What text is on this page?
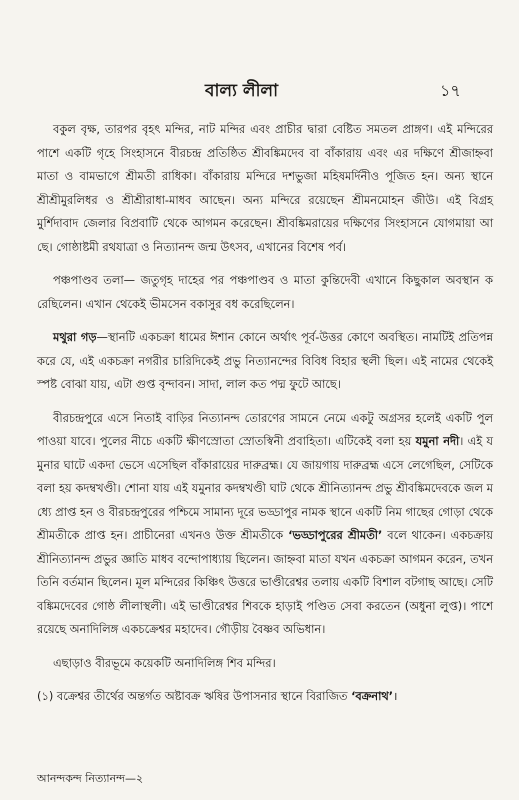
বাল্য লীলা	১৭

বকুল বৃক্ষ, তারপর বৃহৎ মন্দির, নাট মন্দির এবং প্রাচীর দ্বারা বেষ্টিত সমতল প্রাঙ্গণ। এই মন্দিরের পাশে একটি গৃহে সিংহাসনে বীরচন্দ্র প্রতিষ্ঠিত শ্রীবঙ্কিমদেব বা বাঁকারায় এবং এর দক্ষিণে শ্রীজাহ্নবা মাতা ও বামভাগে শ্রীমতী রাধিকা। বাঁকারায় মন্দিরে দশভুজা মহিষমর্দিনীও পূজিত হন। অন্য স্থানে শ্রীশ্রীমুরলিধর ও শ্রীশ্রীরাধা-মাধব আছেন। অন্য মন্দিরে রয়েছেন শ্রীমনমোহন জীউ। এই বিগ্রহ মুর্শিদাবাদ জেলার বিপ্রবাটি থেকে আগমন করেছেন। শ্রীবঙ্কিমরায়ের দক্ষিণের সিংহাসনে যোগমায়া আছে। গোষ্ঠাষ্টমী রথযাত্রা ও নিত্যানন্দ জন্ম উৎসব, এখানের বিশেষ পর্ব।

পঞ্চপাণ্ডব তলা— জতুগৃহ দাহের পর পঞ্চপাণ্ডব ও মাতা কুন্তিদেবী এখানে কিছুকাল অবস্থান করেছিলেন। এখান থেকেই ভীমসেন বকাসুর বধ করেছিলেন।

মথুরা গড়—স্থানটি একচক্রা ধামের ঈশান কোনে অর্থাৎ পূর্ব-উত্তর কোণে অবস্থিত। নামটিই প্রতিপন্ন করে যে, এই একচক্রা নগরীর চারিদিকেই প্রভু নিত্যানন্দের বিবিধ বিহার স্থলী ছিল। এই নামের থেকেই স্পষ্ট বোঝা যায়, এটা গুপ্ত বৃন্দাবন। সাদা, লাল কত পদ্ম ফুটে আছে।

বীরচন্দ্রপুরে এসে নিতাই বাড়ির নিত্যানন্দ তোরণের সামনে নেমে একটু অগ্রসর হলেই একটি পুল পাওয়া যাবে। পুলের নীচে একটি ক্ষীণস্রোতা স্রোতস্বিনী প্রবাহিতা। এটিকেই বলা হয় যমুনা নদী। এই যমুনার ঘাটে একদা ভেসে এসেছিল বাঁকারায়ের দারুব্রহ্ম। যে জায়গায় দারুব্রহ্ম এসে লেগেছিল, সেটিকে বলা হয় কদম্বখণ্ডী। শোনা যায় এই যমুনার কদম্বখণ্ডী ঘাট থেকে শ্রীনিত্যানন্দ প্রভু শ্রীবঙ্কিমদেবকে জল মধ্যে প্রাপ্ত হন ও বীরচন্দ্রপুরের পশ্চিমে সামান্য দূরে ভড্ডাপুর নামক স্থানে একটি নিম গাছের গোড়া থেকে শ্রীমতীকে প্রাপ্ত হন। প্রাচীনেরা এখনও উক্ত শ্রীমতীকে ‘ভড্ডাপুরের শ্রীমতী’ বলে থাকেন। একচক্রায় শ্রীনিত্যানন্দ প্রভুর জ্ঞাতি মাধব বন্দোপাধ্যায় ছিলেন। জাহ্নবা মাতা যখন একচক্রা আগমন করেন, তখন তিনি বর্তমান ছিলেন। মূল মন্দিরের কিঞ্চিৎ উত্তরে ভাণ্ডীরেশ্বর তলায় একটি বিশাল বটগাছ আছে। সেটি বঙ্কিমদেবের গোষ্ঠ লীলাস্থলী। এই ভাণ্ডীরেশ্বর শিবকে হাড়াই পণ্ডিত সেবা করতেন (অধুনা লুপ্ত)। পাশে রয়েছে অনাদিলিঙ্গ একচক্রেশ্বর মহাদেব। গৌড়ীয় বৈষ্ণব অভিধান।

এছাড়াও বীরভূমে কয়েকটি অনাদিলিঙ্গ শিব মন্দির।

(১) বক্রেশ্বর তীর্থের অন্তর্গত অষ্টাবক্র ঋষির উপাসনার স্থানে বিরাজিত ‘বক্রনাথ’।

আনন্দকন্দ নিত্যানন্দ—২
